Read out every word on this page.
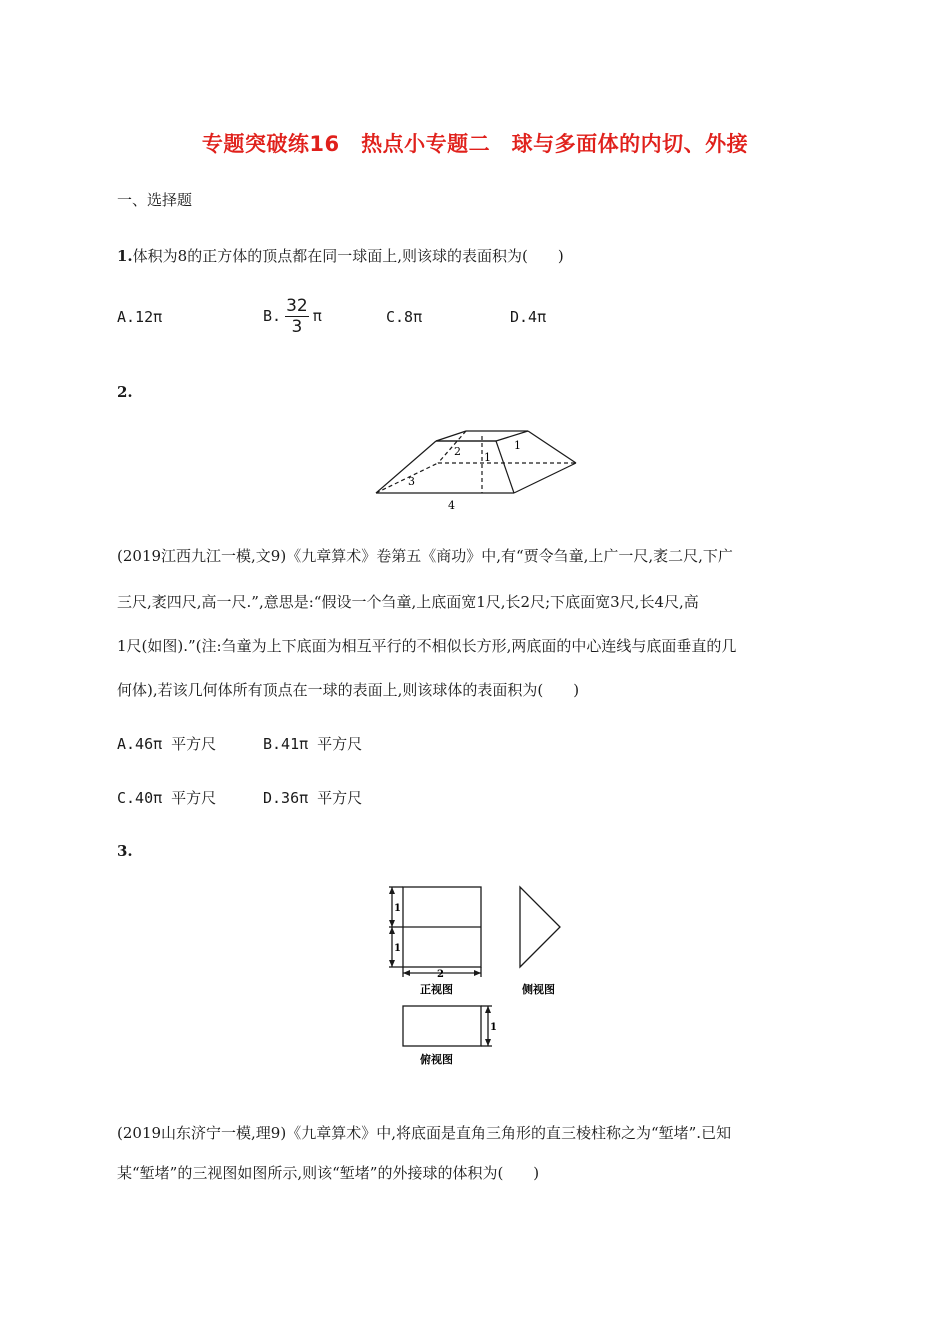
专题突破练16　热点小专题二　球与多面体的内切、外接
一、选择题
1.体积为8的正方体的顶点都在同一球面上,则该球的表面积为(　　)
A.12π	B. $\frac{32}{3}$ π	C.8π	D.4π
2.
2 1
1
3
4
(2019江西九江一模,文9)《九章算术》卷第五《商功》中,有“贾令刍童,上广一尺,袤二尺,下广
三尺,袤四尺,高一尺.”,意思是:“假设一个刍童,上底面宽1尺,长2尺;下底面宽3尺,长4尺,高
1尺(如图).”(注:刍童为上下底面为相互平行的不相似长方形,两底面的中心连线与底面垂直的几
何体),若该几何体所有顶点在一球的表面上,则该球体的表面积为(　　)
A.46π 平方尺	B.41π 平方尺
C.40π 平方尺	D.36π 平方尺
3.
1
1
2
正视图	侧视图
1
俯视图
(2019山东济宁一模,理9)《九章算术》中,将底面是直角三角形的直三棱柱称之为“堑堵”.已知
某“堑堵”的三视图如图所示,则该“堑堵”的外接球的体积为(　　)
